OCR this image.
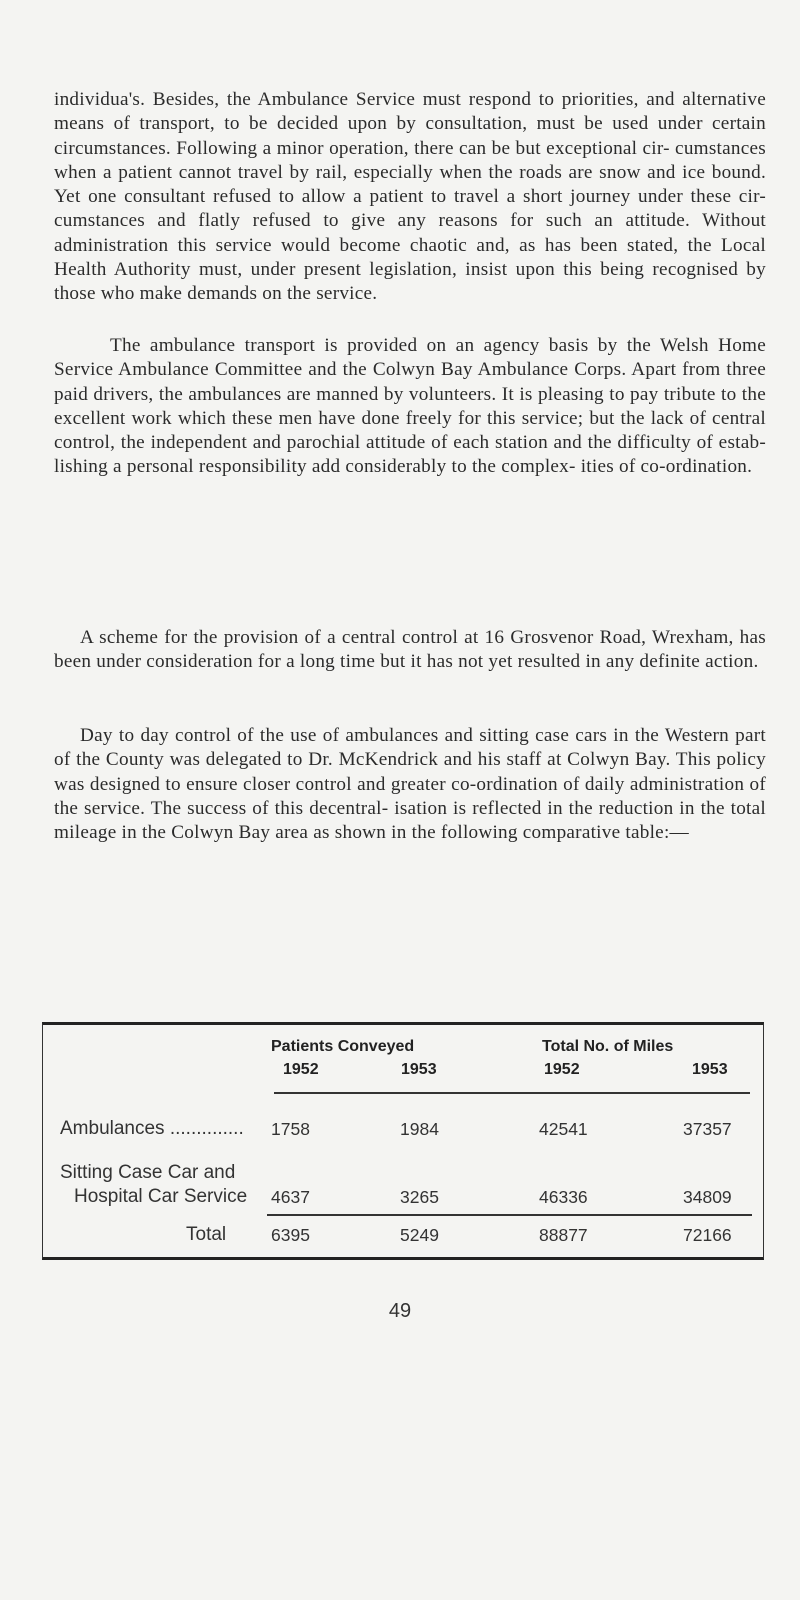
individua's. Besides, the Ambulance Service must respond to priorities, and alternative means of transport, to be decided upon by consultation, must be used under certain circumstances. Following a minor operation, there can be but exceptional cir- cumstances when a patient cannot travel by rail, especially when the roads are snow and ice bound. Yet one consultant refused to allow a patient to travel a short journey under these cir- cumstances and flatly refused to give any reasons for such an attitude. Without administration this service would become chaotic and, as has been stated, the Local Health Authority must, under present legislation, insist upon this being recognised by those who make demands on the service.

The ambulance transport is provided on an agency basis by the Welsh Home Service Ambulance Committee and the Colwyn Bay Ambulance Corps. Apart from three paid drivers, the ambulances are manned by volunteers. It is pleasing to pay tribute to the excellent work which these men have done freely for this service; but the lack of central control, the independent and parochial attitude of each station and the difficulty of estab- lishing a personal responsibility add considerably to the complex- ities of co-ordination.

A scheme for the provision of a central control at 16 Grosvenor Road, Wrexham, has been under consideration for a long time but it has not yet resulted in any definite action.

Day to day control of the use of ambulances and sitting case cars in the Western part of the County was delegated to Dr. McKendrick and his staff at Colwyn Bay. This policy was designed to ensure closer control and greater co-ordination of daily administration of the service. The success of this decentral- isation is reflected in the reduction in the total mileage in the Colwyn Bay area as shown in the following comparative table:—

Patients Conveyed	Total No. of Miles
1952	1953	1952	1953
Ambulances .............. 1758	1984	42541	37357
Sitting Case Car and
Hospital Car Service 4637	3265	46336	34809
Total	6395	5249	88877	72166
49
